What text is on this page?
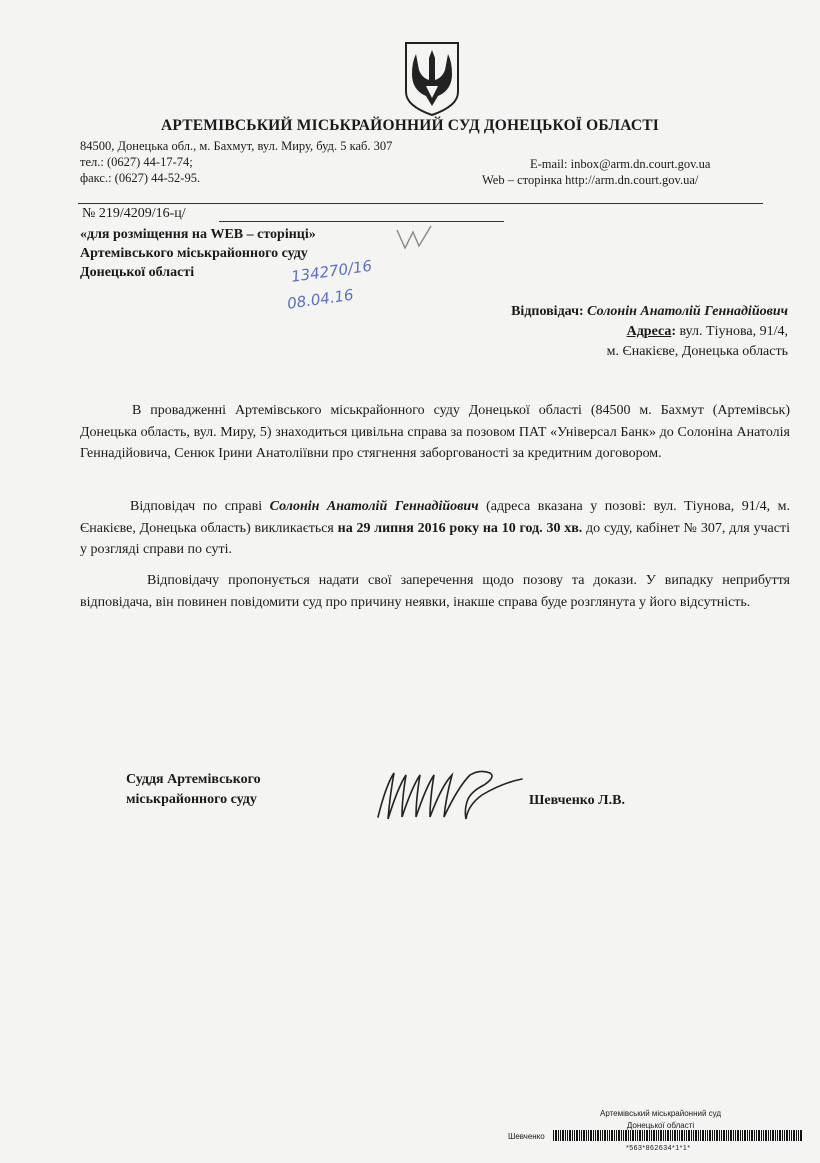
АРТЕМІВСЬКИЙ МІСЬКРАЙОННИЙ СУД ДОНЕЦЬКОЇ ОБЛАСТІ
84500, Донецька обл., м. Бахмут, вул. Миру, буд. 5 каб. 307
тел.: (0627) 44-17-74;
факс.: (0627) 44-52-95.
E-mail: inbox@arm.dn.court.gov.ua
Web – сторінка http://arm.dn.court.gov.ua/
№ 219/4209/16-ц/
«для розміщення на WEB – сторінці»
Артемівського міськрайонного суду
Донецької області	134270/16
08.04.16	Відповідач: Солонін Анатолій Геннадійович
Адреса: вул. Тіунова, 91/4,
м. Єнакієве, Донецька область
В провадженні Артемівського міськрайонного суду Донецької області (84500 м. Бахмут (Артемівськ) Донецька область, вул. Миру, 5) знаходиться цивільна справа за позовом ПАТ «Універсал Банк» до Солоніна Анатолія Геннадійовича, Сенюк Ірини Анатоліївни про стягнення заборгованості за кредитним договором.
Відповідач по справі Солонін Анатолій Геннадійович (адреса вказана у позові: вул. Тіунова, 91/4, м. Єнакієве, Донецька область) викликається на 29 липня 2016 року на 10 год. 30 хв. до суду, кабінет № 307, для участі у розгляді справи по суті.
Відповідачу пропонується надати свої заперечення щодо позову та докази. У випадку неприбуття відповідача, він повинен повідомити суд про причину неявки, інакше справа буде розглянута у його відсутність.
Суддя Артемівського
міськрайонного суду	Шевченко Л.В.
Артемівський міськрайонний суд
Донецької області
Шевченко
*563*862634*1*1*
